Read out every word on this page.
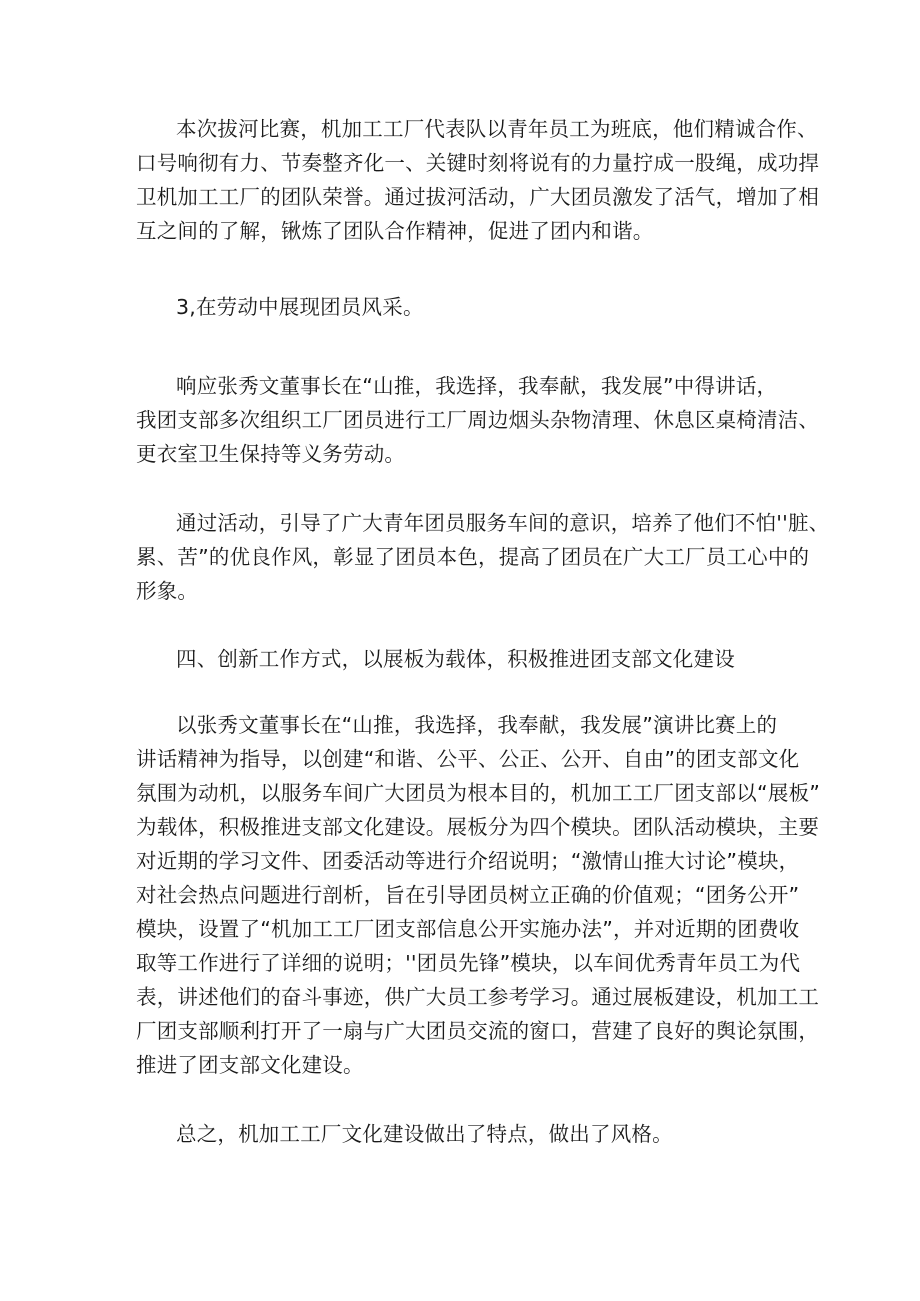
本次拔河比赛，机加工工厂代表队以青年员工为班底，他们精诚合作、
口号响彻有力、节奏整齐化一、关键时刻将说有的力量拧成一股绳，成功捍
卫机加工工厂的团队荣誉。通过拔河活动，广大团员激发了活气，增加了相
互之间的了解，锹炼了团队合作精神，促进了团内和谐。
3,在劳动中展现团员风采。
响应张秀文董事长在“山推，我选择，我奉献，我发展”中得讲话，
我团支部多次组织工厂团员进行工厂周边烟头杂物清理、休息区桌椅清洁、
更衣室卫生保持等义务劳动。
通过活动，引导了广大青年团员服务车间的意识，培养了他们不怕''脏、
累、苦”的优良作风，彰显了团员本色，提高了团员在广大工厂员工心中的
形象。
四、创新工作方式，以展板为载体，积极推进团支部文化建设
以张秀文董事长在“山推，我选择，我奉献，我发展”演讲比赛上的
讲话精神为指导，以创建“和谐、公平、公正、公开、自由”的团支部文化
氛围为动机，以服务车间广大团员为根本目的，机加工工厂团支部以“展板”
为载体，积极推进支部文化建设。展板分为四个模块。团队活动模块，主要
对近期的学习文件、团委活动等进行介绍说明；“激情山推大讨论”模块，
对社会热点问题进行剖析，旨在引导团员树立正确的价值观；“团务公开”
模块，设置了“机加工工厂团支部信息公开实施办法”，并对近期的团费收
取等工作进行了详细的说明；''团员先锋”模块，以车间优秀青年员工为代
表，讲述他们的奋斗事迹，供广大员工参考学习。通过展板建设，机加工工
厂团支部顺利打开了一扇与广大团员交流的窗口，营建了良好的舆论氛围，
推进了团支部文化建设。
总之，机加工工厂文化建设做出了特点，做出了风格。
